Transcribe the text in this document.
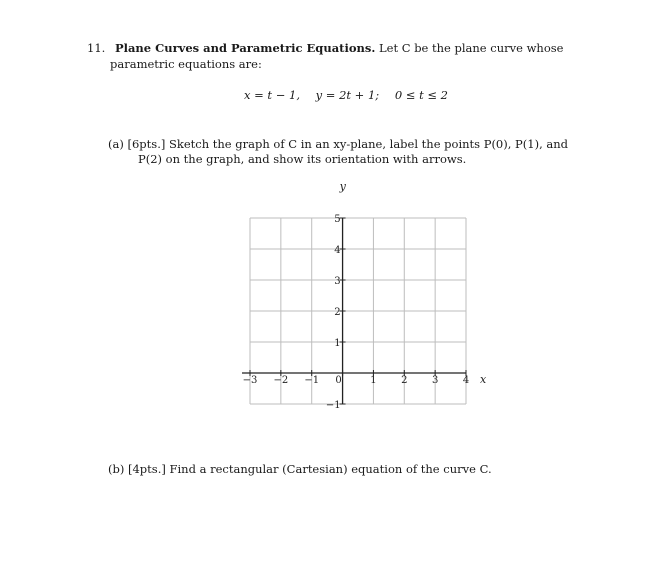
11. Plane Curves and Parametric Equations. Let C be the plane curve whose
parametric equations are:
x = t − 1, y = 2t + 1; 0 ≤ t ≤ 2
(a) [6pts.] Sketch the graph of C in an xy-plane, label the points P(0), P(1), and
P(2) on the graph, and show its orientation with arrows.
−3 −2 −1 0	1 2 3 4
5
4
3
2
1
−1
y
x
(b) [4pts.] Find a rectangular (Cartesian) equation of the curve C.
